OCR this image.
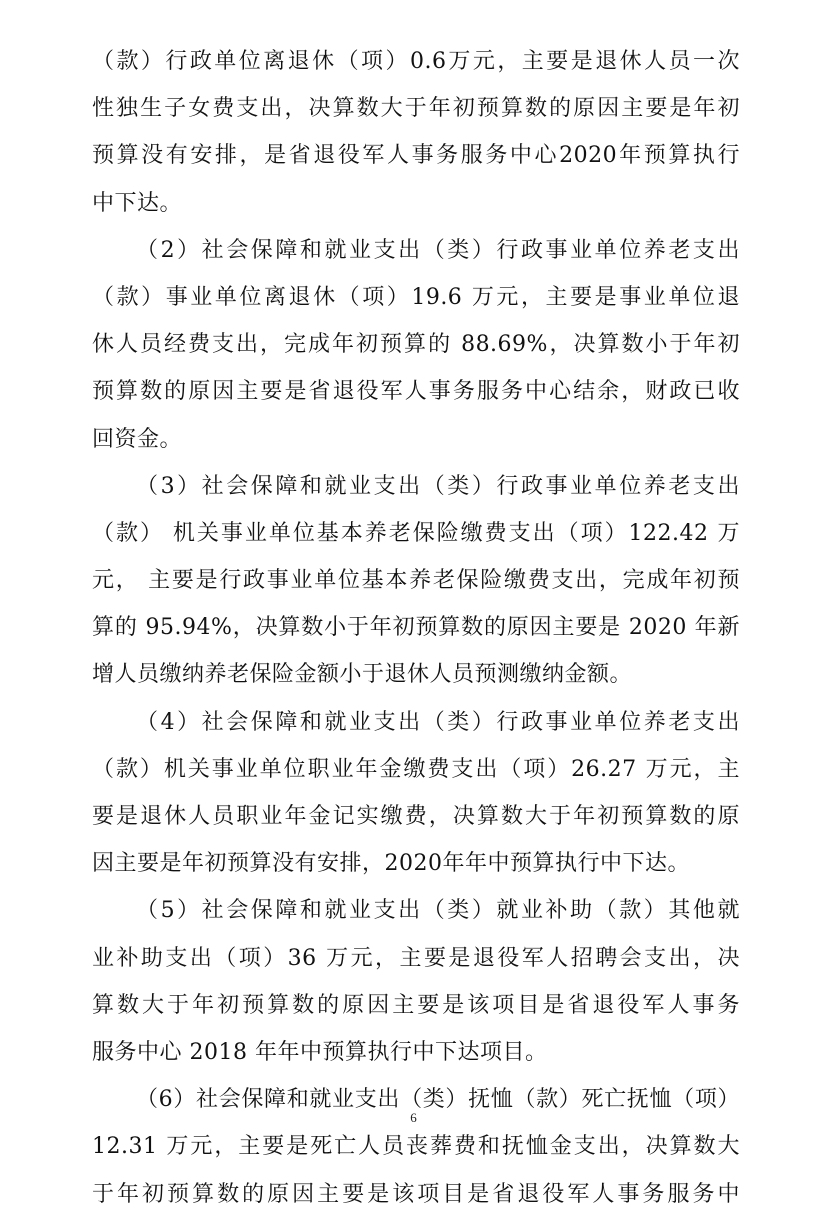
（款）行政单位离退休（项）0.6万元，主要是退休人员一次
性独生子女费支出，决算数大于年初预算数的原因主要是年初
预算没有安排，是省退役军人事务服务中心2020年预算执行
中下达。
（2）社会保障和就业支出（类）行政事业单位养老支出
（款）事业单位离退休（项）19.6 万元，主要是事业单位退
休人员经费支出，完成年初预算的 88.69%，决算数小于年初
预算数的原因主要是省退役军人事务服务中心结余，财政已收
回资金。
（3）社会保障和就业支出（类）行政事业单位养老支出
（款） 机关事业单位基本养老保险缴费支出（项）122.42 万
元， 主要是行政事业单位基本养老保险缴费支出，完成年初预
算的 95.94%，决算数小于年初预算数的原因主要是 2020 年新
增人员缴纳养老保险金额小于退休人员预测缴纳金额。
（4）社会保障和就业支出（类）行政事业单位养老支出
（款）机关事业单位职业年金缴费支出（项）26.27 万元，主
要是退休人员职业年金记实缴费，决算数大于年初预算数的原
因主要是年初预算没有安排，2020年年中预算执行中下达。
（5）社会保障和就业支出（类）就业补助（款）其他就
业补助支出（项）36 万元，主要是退役军人招聘会支出，决
算数大于年初预算数的原因主要是该项目是省退役军人事务
服务中心 2018 年年中预算执行中下达项目。
（6）社会保障和就业支出（类）抚恤（款）死亡抚恤（项）
12.31 万元，主要是死亡人员丧葬费和抚恤金支出，决算数大
于年初预算数的原因主要是该项目是省退役军人事务服务中
6
